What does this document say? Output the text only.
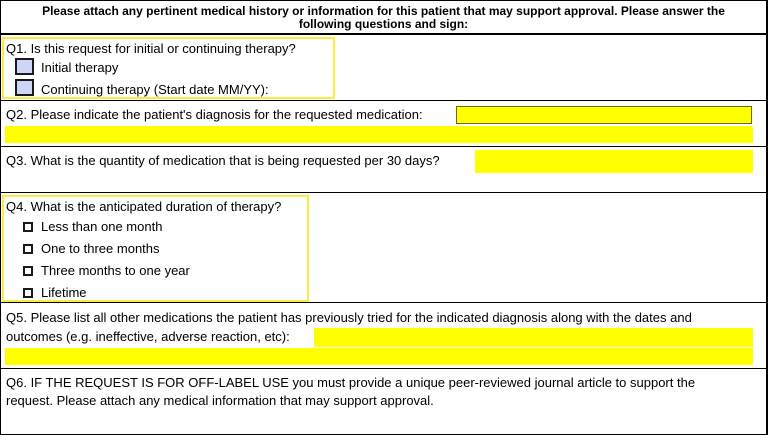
Please attach any pertinent medical history or information for this patient that may support approval. Please answer the
following questions and sign:
Q1. Is this request for initial or continuing therapy?
Initial therapy
Continuing therapy (Start date MM/YY):
Q2. Please indicate the patient's diagnosis for the requested medication:
Q3. What is the quantity of medication that is being requested per 30 days?
Q4. What is the anticipated duration of therapy?
Less than one month
One to three months
Three months to one year
Lifetime
Q5. Please list all other medications the patient has previously tried for the indicated diagnosis along with the dates and
outcomes (e.g. ineffective, adverse reaction, etc):
Q6. IF THE REQUEST IS FOR OFF-LABEL USE you must provide a unique peer-reviewed journal article to support the
request. Please attach any medical information that may support approval.
